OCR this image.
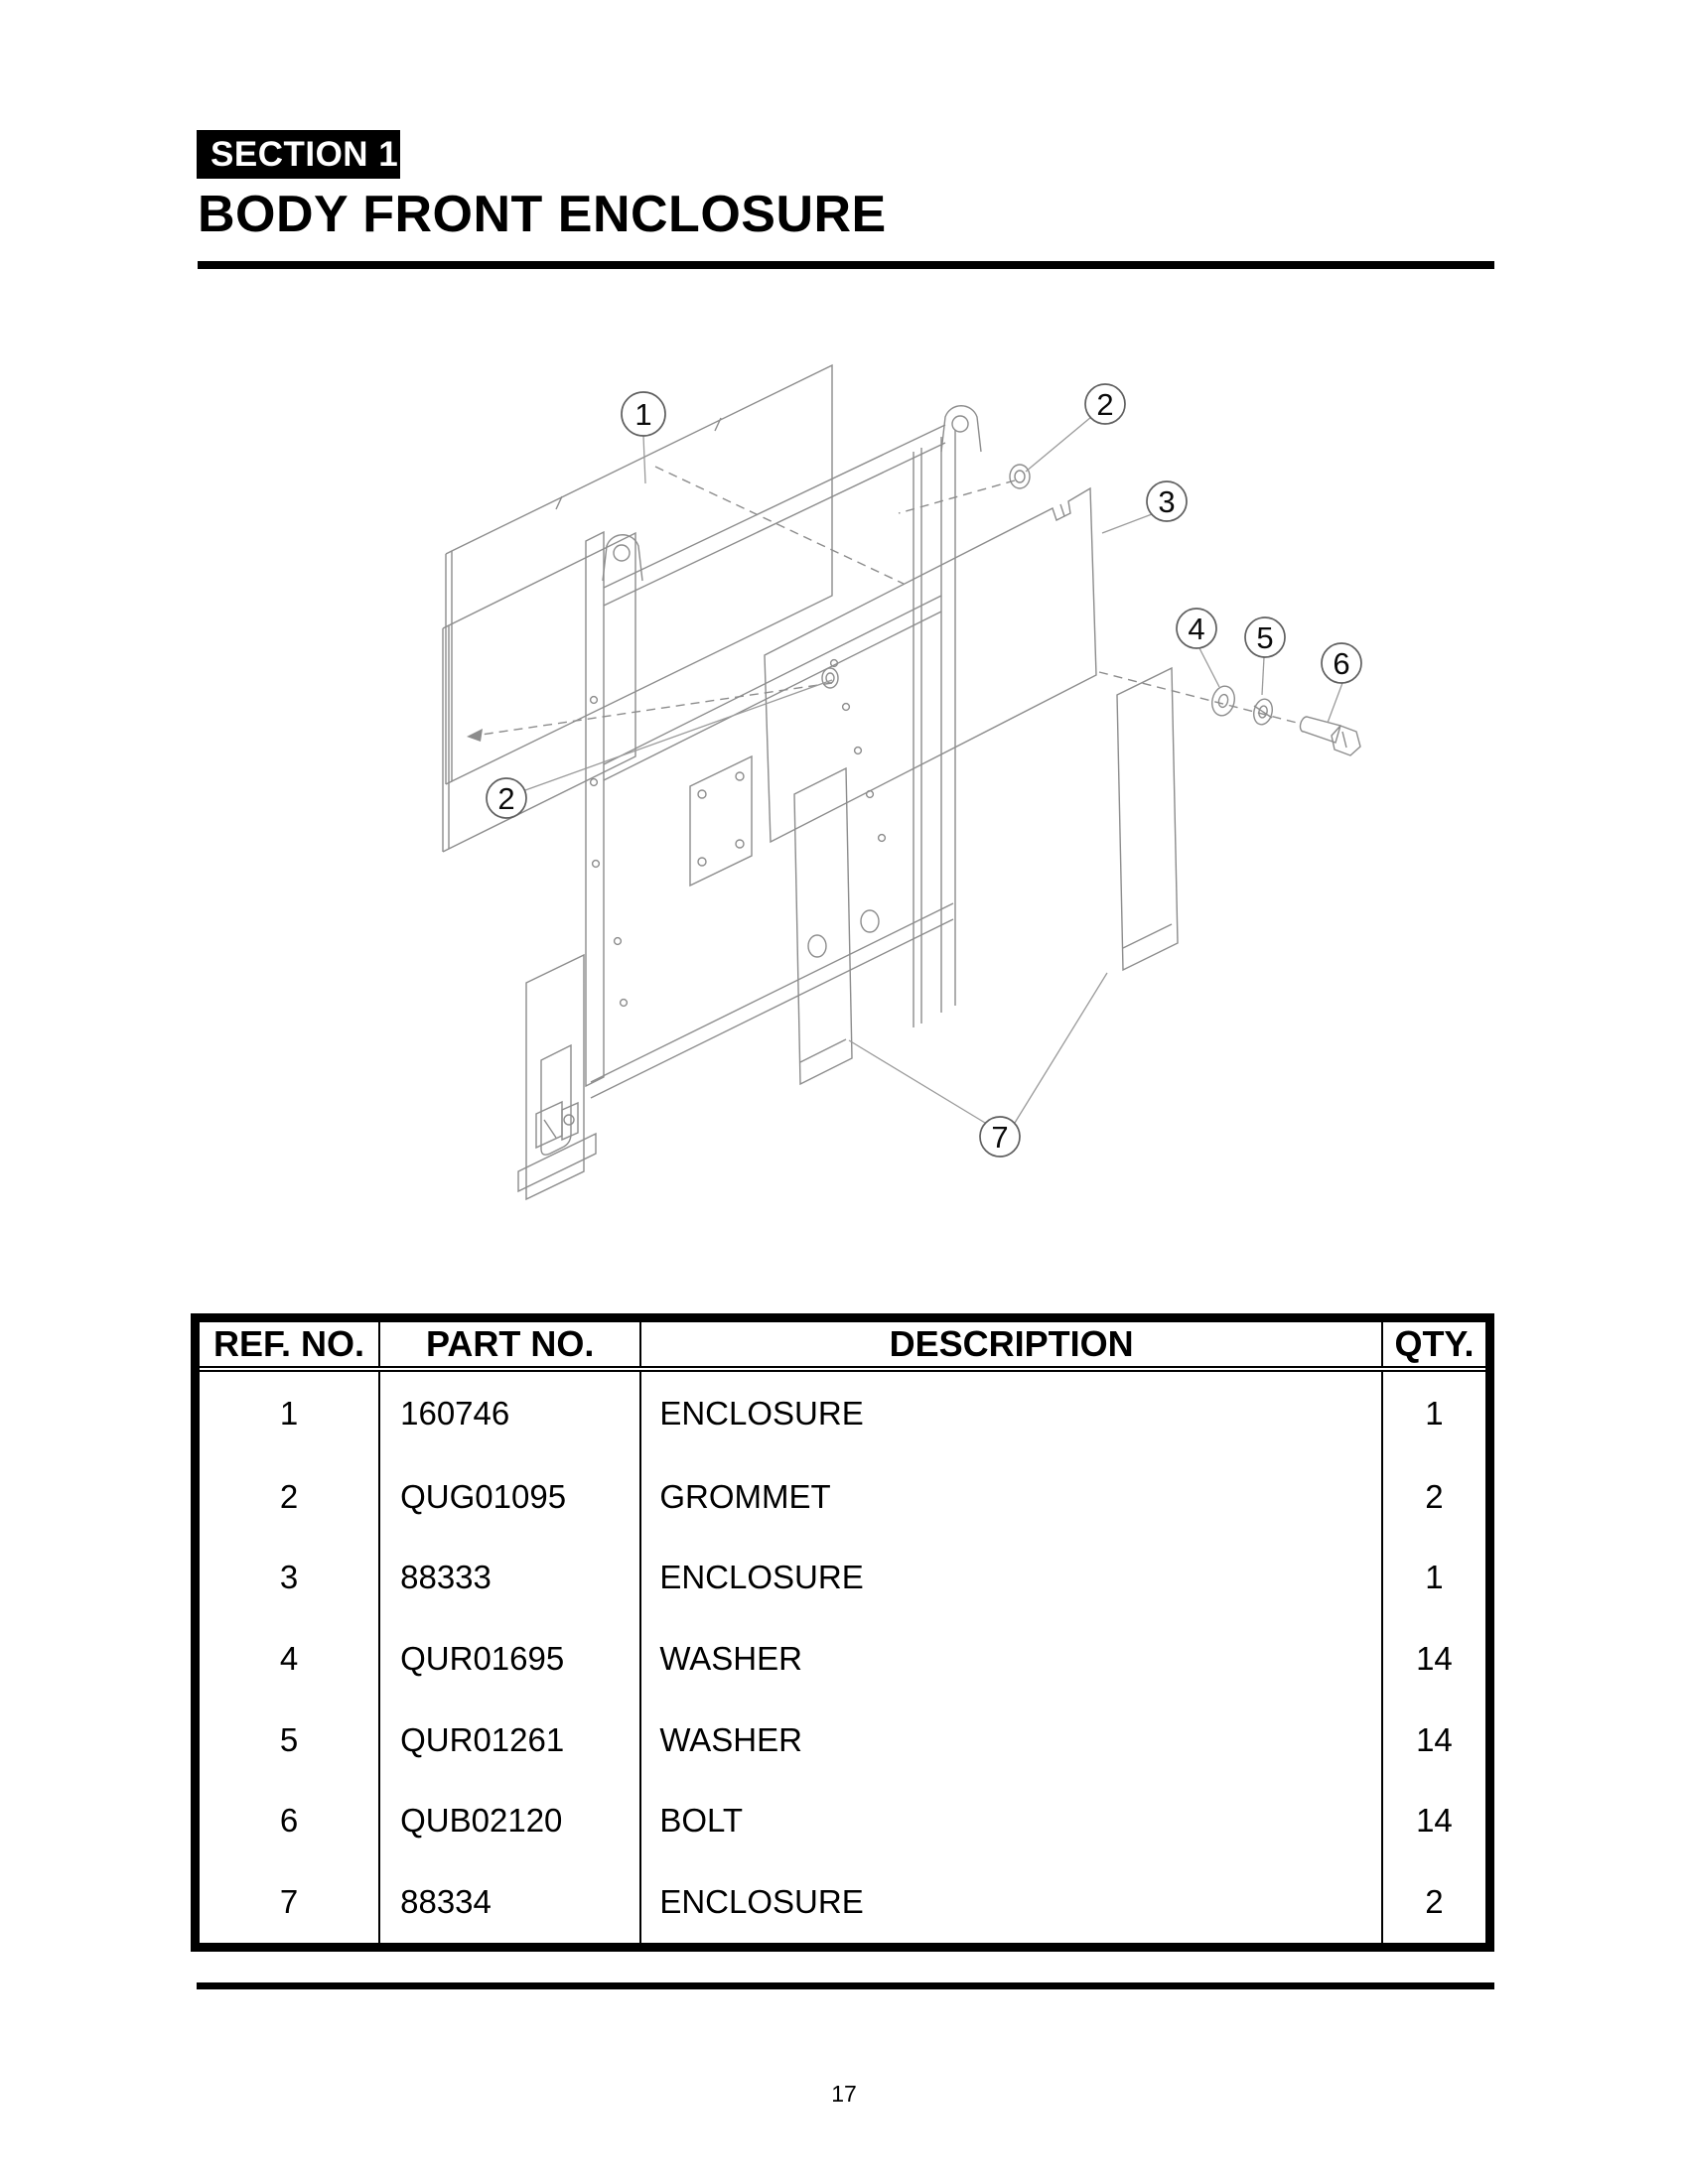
SECTION 1
BODY FRONT ENCLOSURE
1	2
3
4 5
6
2
7
REF. NO.	PART NO.	DESCRIPTION	QTY.
1	160746	ENCLOSURE	1
2	QUG01095	GROMMET	2
3	88333	ENCLOSURE	1
4	QUR01695	WASHER	14
5	QUR01261	WASHER	14
6	QUB02120	BOLT	14
7	88334	ENCLOSURE	2

17
